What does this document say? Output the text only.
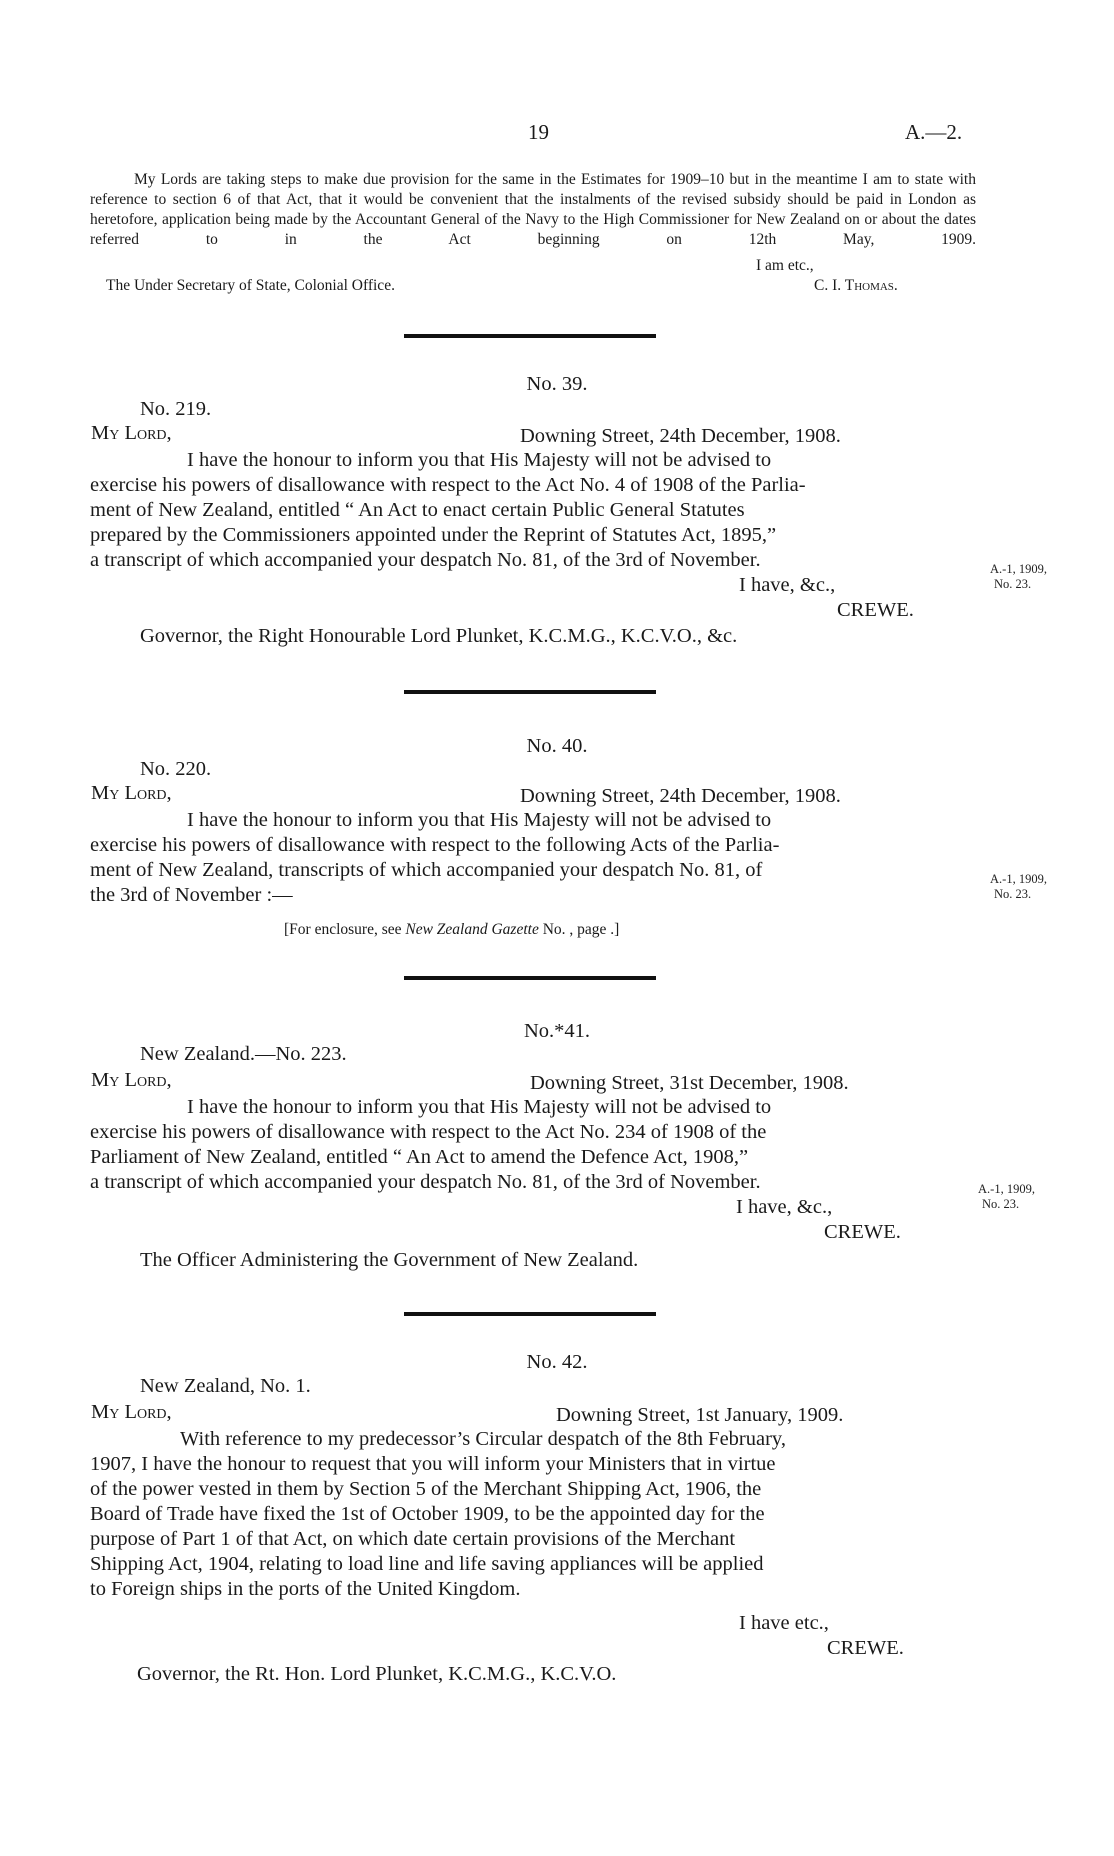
19	A.—2.
My Lords are taking steps to make due provision for the same in the Estimates for 1909–10 but in the meantime I am to state with reference to section 6 of that Act, that it would be convenient that the instalments of the revised subsidy should be paid in London as heretofore, application being made by the Accountant General of the Navy to the High Commissioner for New Zealand on or about the dates referred to in the Act beginning on 12th May, 1909.
I am etc.,
The Under Secretary of State, Colonial Office.	C. I. Thomas.
No. 39.
No. 219.
My Lord,	Downing Street, 24th December, 1908.
I have the honour to inform you that His Majesty will not be advised to
exercise his powers of disallowance with respect to the Act No. 4 of 1908 of the Parlia-
ment of New Zealand, entitled “ An Act to enact certain Public General Statutes
prepared by the Commissioners appointed under the Reprint of Statutes Act, 1895,”
a transcript of which accompanied your despatch No. 81, of the 3rd of November.
I have, &c.,
CREWE.
Governor, the Right Honourable Lord Plunket, K.C.M.G., K.C.V.O., &c.
A.-1, 1909,
No. 23.
No. 40.
No. 220.
My Lord,	Downing Street, 24th December, 1908.
I have the honour to inform you that His Majesty will not be advised to
exercise his powers of disallowance with respect to the following Acts of the Parlia-
ment of New Zealand, transcripts of which accompanied your despatch No. 81, of
the 3rd of November :—
[For enclosure, see New Zealand Gazette No. , page .]
A.-1, 1909,
No. 23.
No.*41.
New Zealand.—No. 223.
My Lord,	Downing Street, 31st December, 1908.
I have the honour to inform you that His Majesty will not be advised to
exercise his powers of disallowance with respect to the Act No. 234 of 1908 of the
Parliament of New Zealand, entitled “ An Act to amend the Defence Act, 1908,”
a transcript of which accompanied your despatch No. 81, of the 3rd of November.
I have, &c.,
CREWE.
The Officer Administering the Government of New Zealand.
A.-1, 1909,
No. 23.
No. 42.
New Zealand, No. 1.
My Lord,	Downing Street, 1st January, 1909.
With reference to my predecessor’s Circular despatch of the 8th February,
1907, I have the honour to request that you will inform your Ministers that in virtue
of the power vested in them by Section 5 of the Merchant Shipping Act, 1906, the
Board of Trade have fixed the 1st of October 1909, to be the appointed day for the
purpose of Part 1 of that Act, on which date certain provisions of the Merchant
Shipping Act, 1904, relating to load line and life saving appliances will be applied
to Foreign ships in the ports of the United Kingdom.
I have etc.,
CREWE.
Governor, the Rt. Hon. Lord Plunket, K.C.M.G., K.C.V.O.
